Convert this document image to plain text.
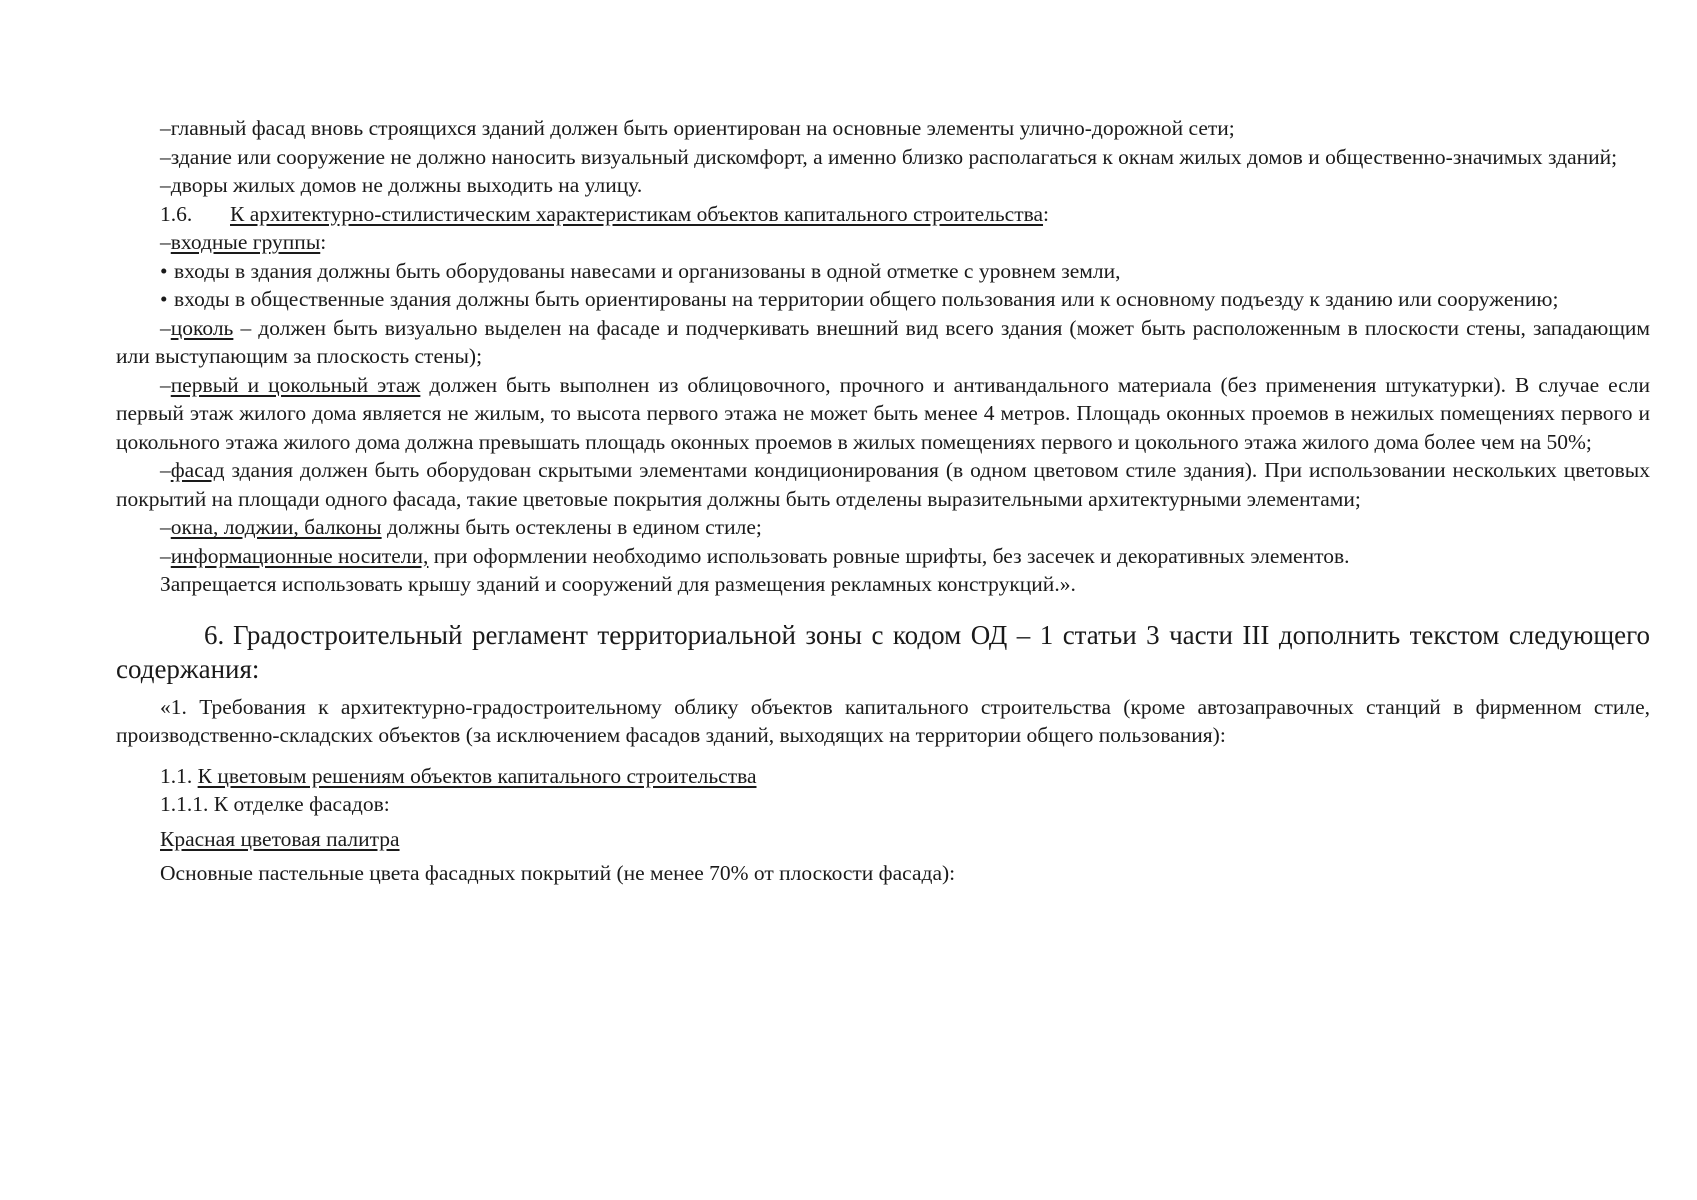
–главный фасад вновь строящихся зданий должен быть ориентирован на основные элементы улично-дорожной сети;

–здание или сооружение не должно наносить визуальный дискомфорт, а именно близко располагаться к окнам жилых домов и общественно-значимых зданий;

–дворы жилых домов не должны выходить на улицу.

1.6. К архитектурно-стилистическим характеристикам объектов капитального строительства:

–входные группы:

• входы в здания должны быть оборудованы навесами и организованы в одной отметке с уровнем земли,

• входы в общественные здания должны быть ориентированы на территории общего пользования или к основному подъезду к зданию или сооружению;

–цоколь – должен быть визуально выделен на фасаде и подчеркивать внешний вид всего здания (может быть расположенным в плоскости стены, западающим или выступающим за плоскость стены);

–первый и цокольный этаж должен быть выполнен из облицовочного, прочного и антивандального материала (без применения штукатурки). В случае если первый этаж жилого дома является не жилым, то высота первого этажа не может быть менее 4 метров. Площадь оконных проемов в нежилых помещениях первого и цокольного этажа жилого дома должна превышать площадь оконных проемов в жилых помещениях первого и цокольного этажа жилого дома более чем на 50%;

–фасад здания должен быть оборудован скрытыми элементами кондиционирования (в одном цветовом стиле здания). При использовании нескольких цветовых покрытий на площади одного фасада, такие цветовые покрытия должны быть отделены выразительными архитектурными элементами;

–окна, лоджии, балконы должны быть остеклены в едином стиле;

–информационные носители, при оформлении необходимо использовать ровные шрифты, без засечек и декоративных элементов.

Запрещается использовать крышу зданий и сооружений для размещения рекламных конструкций.».

6. Градостроительный регламент территориальной зоны с кодом ОД – 1 статьи 3 части III дополнить текстом следующего содержания:

«1. Требования к архитектурно-градостроительному облику объектов капитального строительства (кроме автозаправочных станций в фирменном стиле, производственно-складских объектов (за исключением фасадов зданий, выходящих на территории общего пользования):

1.1. К цветовым решениям объектов капитального строительства

1.1.1. К отделке фасадов:

Красная цветовая палитра

Основные пастельные цвета фасадных покрытий (не менее 70% от плоскости фасада):
